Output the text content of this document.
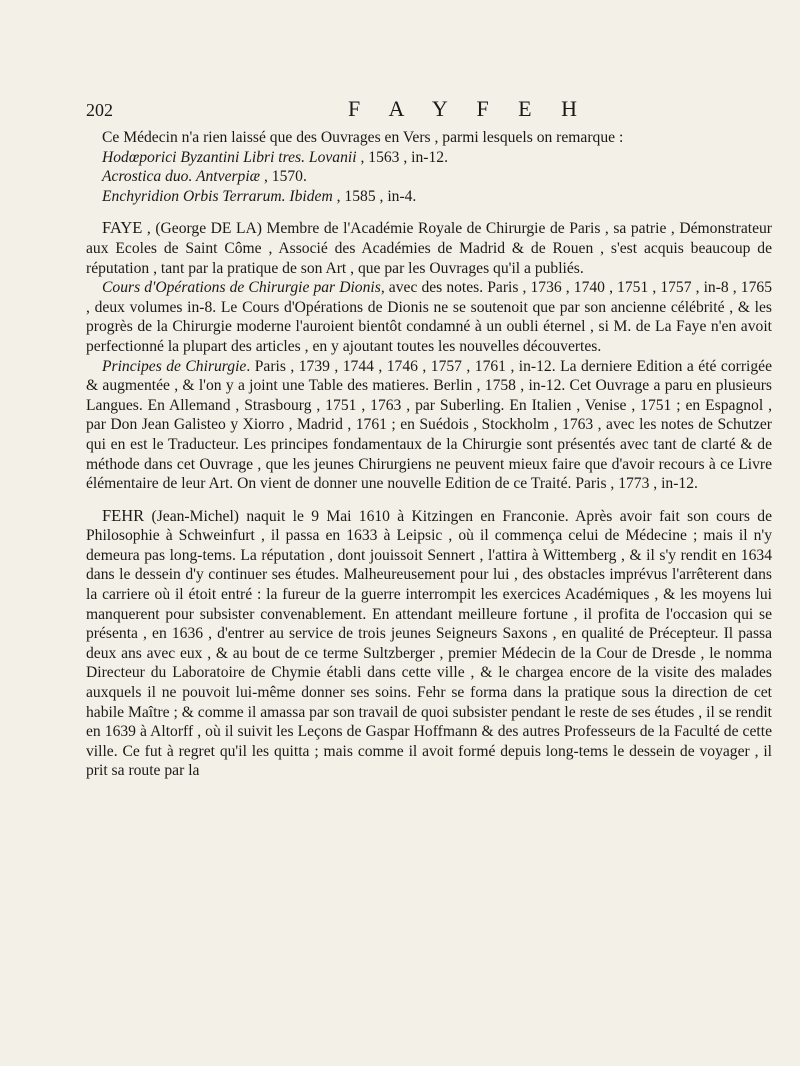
202	F A Y F E H

Ce Médecin n'a rien laissé que des Ouvrages en Vers , parmi lesquels on remarque :

Hodœporici Byzantini Libri tres. Lovanii , 1563 , in-12.
Acrostica duo. Antverpiæ , 1570.
Enchyridion Orbis Terrarum. Ibidem , 1585 , in-4.

FAYE , (George DE LA) Membre de l'Académie Royale de Chirurgie de Paris , sa patrie , Démonstrateur aux Ecoles de Saint Côme , Associé des Académies de Madrid & de Rouen , s'est acquis beaucoup de réputation , tant par la pratique de son Art , que par les Ouvrages qu'il a publiés.

Cours d'Opérations de Chirurgie par Dionis, avec des notes. Paris , 1736 , 1740 , 1751 , 1757 , in-8 , 1765 , deux volumes in-8. Le Cours d'Opérations de Dionis ne se soutenoit que par son ancienne célébrité , & les progrès de la Chirurgie moderne l'auroient bientôt condamné à un oubli éternel , si M. de La Faye n'en avoit perfectionné la plupart des articles , en y ajoutant toutes les nouvelles découvertes.

Principes de Chirurgie. Paris , 1739 , 1744 , 1746 , 1757 , 1761 , in-12. La derniere Edition a été corrigée & augmentée , & l'on y a joint une Table des matieres. Berlin , 1758 , in-12. Cet Ouvrage a paru en plusieurs Langues. En Allemand , Strasbourg , 1751 , 1763 , par Suberling. En Italien , Venise , 1751 ; en Espagnol , par Don Jean Galisteo y Xiorro , Madrid , 1761 ; en Suédois , Stockholm , 1763 , avec les notes de Schutzer qui en est le Traducteur. Les principes fondamentaux de la Chirurgie sont présentés avec tant de clarté & de méthode dans cet Ouvrage , que les jeunes Chirurgiens ne peuvent mieux faire que d'avoir recours à ce Livre élémentaire de leur Art. On vient de donner une nouvelle Edition de ce Traité. Paris , 1773 , in-12.

FEHR (Jean-Michel) naquit le 9 Mai 1610 à Kitzingen en Franconie. Après avoir fait son cours de Philosophie à Schweinfurt , il passa en 1633 à Leipsic , où il commença celui de Médecine ; mais il n'y demeura pas long-tems. La réputation , dont jouissoit Sennert , l'attira à Wittemberg , & il s'y rendit en 1634 dans le dessein d'y continuer ses études. Malheureusement pour lui , des obstacles imprévus l'arrêterent dans la carriere où il étoit entré : la fureur de la guerre interrompit les exercices Académiques , & les moyens lui manquerent pour subsister convenablement. En attendant meilleure fortune , il profita de l'occasion qui se présenta , en 1636 , d'entrer au service de trois jeunes Seigneurs Saxons , en qualité de Précepteur. Il passa deux ans avec eux , & au bout de ce terme Sultzberger , premier Médecin de la Cour de Dresde , le nomma Directeur du Laboratoire de Chymie établi dans cette ville , & le chargea encore de la visite des malades auxquels il ne pouvoit lui-même donner ses soins. Fehr se forma dans la pratique sous la direction de cet habile Maître ; & comme il amassa par son travail de quoi subsister pendant le reste de ses études , il se rendit en 1639 à Altorff , où il suivit les Leçons de Gaspar Hoffmann & des autres Professeurs de la Faculté de cette ville. Ce fut à regret qu'il les quitta ; mais comme il avoit formé depuis long-tems le dessein de voyager , il prit sa route par la
